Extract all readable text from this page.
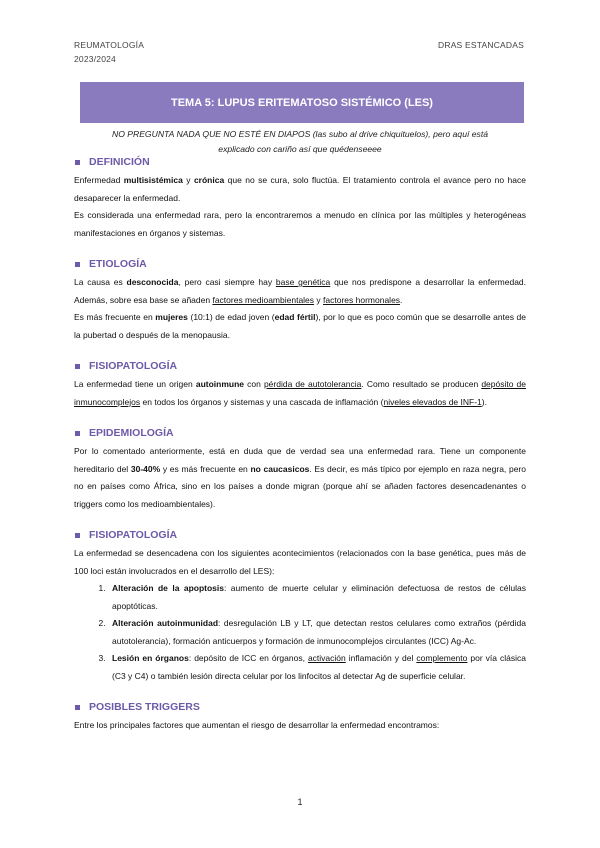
REUMATOLOGÍA
2023/2024
DRAS ESTANCADAS
TEMA 5: LUPUS ERITEMATOSO SISTÉMICO (LES)
NO PREGUNTA NADA QUE NO ESTÉ EN DIAPOS (las subo al drive chiquituelos), pero aquí está
explicado con cariño así que quédenseeee
DEFINICIÓN

Enfermedad multisistémica y crónica que no se cura, solo fluctúa. El tratamiento controla el avance pero no hace desaparecer la enfermedad.

Es considerada una enfermedad rara, pero la encontraremos a menudo en clínica por las múltiples y heterogéneas manifestaciones en órganos y sistemas.

ETIOLOGÍA

La causa es desconocida, pero casi siempre hay base genética que nos predispone a desarrollar la enfermedad. Además, sobre esa base se añaden factores medioambientales y factores hormonales.

Es más frecuente en mujeres (10:1) de edad joven (edad fértil), por lo que es poco común que se desarrolle antes de la pubertad o después de la menopausia.

FISIOPATOLOGÍA

La enfermedad tiene un origen autoinmune con pérdida de autotolerancia. Como resultado se producen depósito de inmunocomplejos en todos los órganos y sistemas y una cascada de inflamación (niveles elevados de INF-1).

EPIDEMIOLOGÍA

Por lo comentado anteriormente, está en duda que de verdad sea una enfermedad rara. Tiene un componente hereditario del 30-40% y es más frecuente en no caucasicos. Es decir, es más típico por ejemplo en raza negra, pero no en países como África, sino en los países a donde migran (porque ahí se añaden factores desencadenantes o triggers como los medioambientales).

FISIOPATOLOGÍA

La enfermedad se desencadena con los siguientes acontecimientos (relacionados con la base genética, pues más de 100 loci están involucrados en el desarrollo del LES):

1. Alteración de la apoptosis: aumento de muerte celular y eliminación defectuosa de restos de células apoptóticas.
2. Alteración autoinmunidad: desregulación LB y LT, que detectan restos celulares como extraños (pérdida autotolerancia), formación anticuerpos y formación de inmunocomplejos circulantes (ICC) Ag-Ac.
3. Lesión en órganos: depósito de ICC en órganos, activación inflamación y del complemento por vía clásica (C3 y C4) o también lesión directa celular por los linfocitos al detectar Ag de superficie celular.
POSIBLES TRIGGERS

Entre los principales factores que aumentan el riesgo de desarrollar la enfermedad encontramos:

1
